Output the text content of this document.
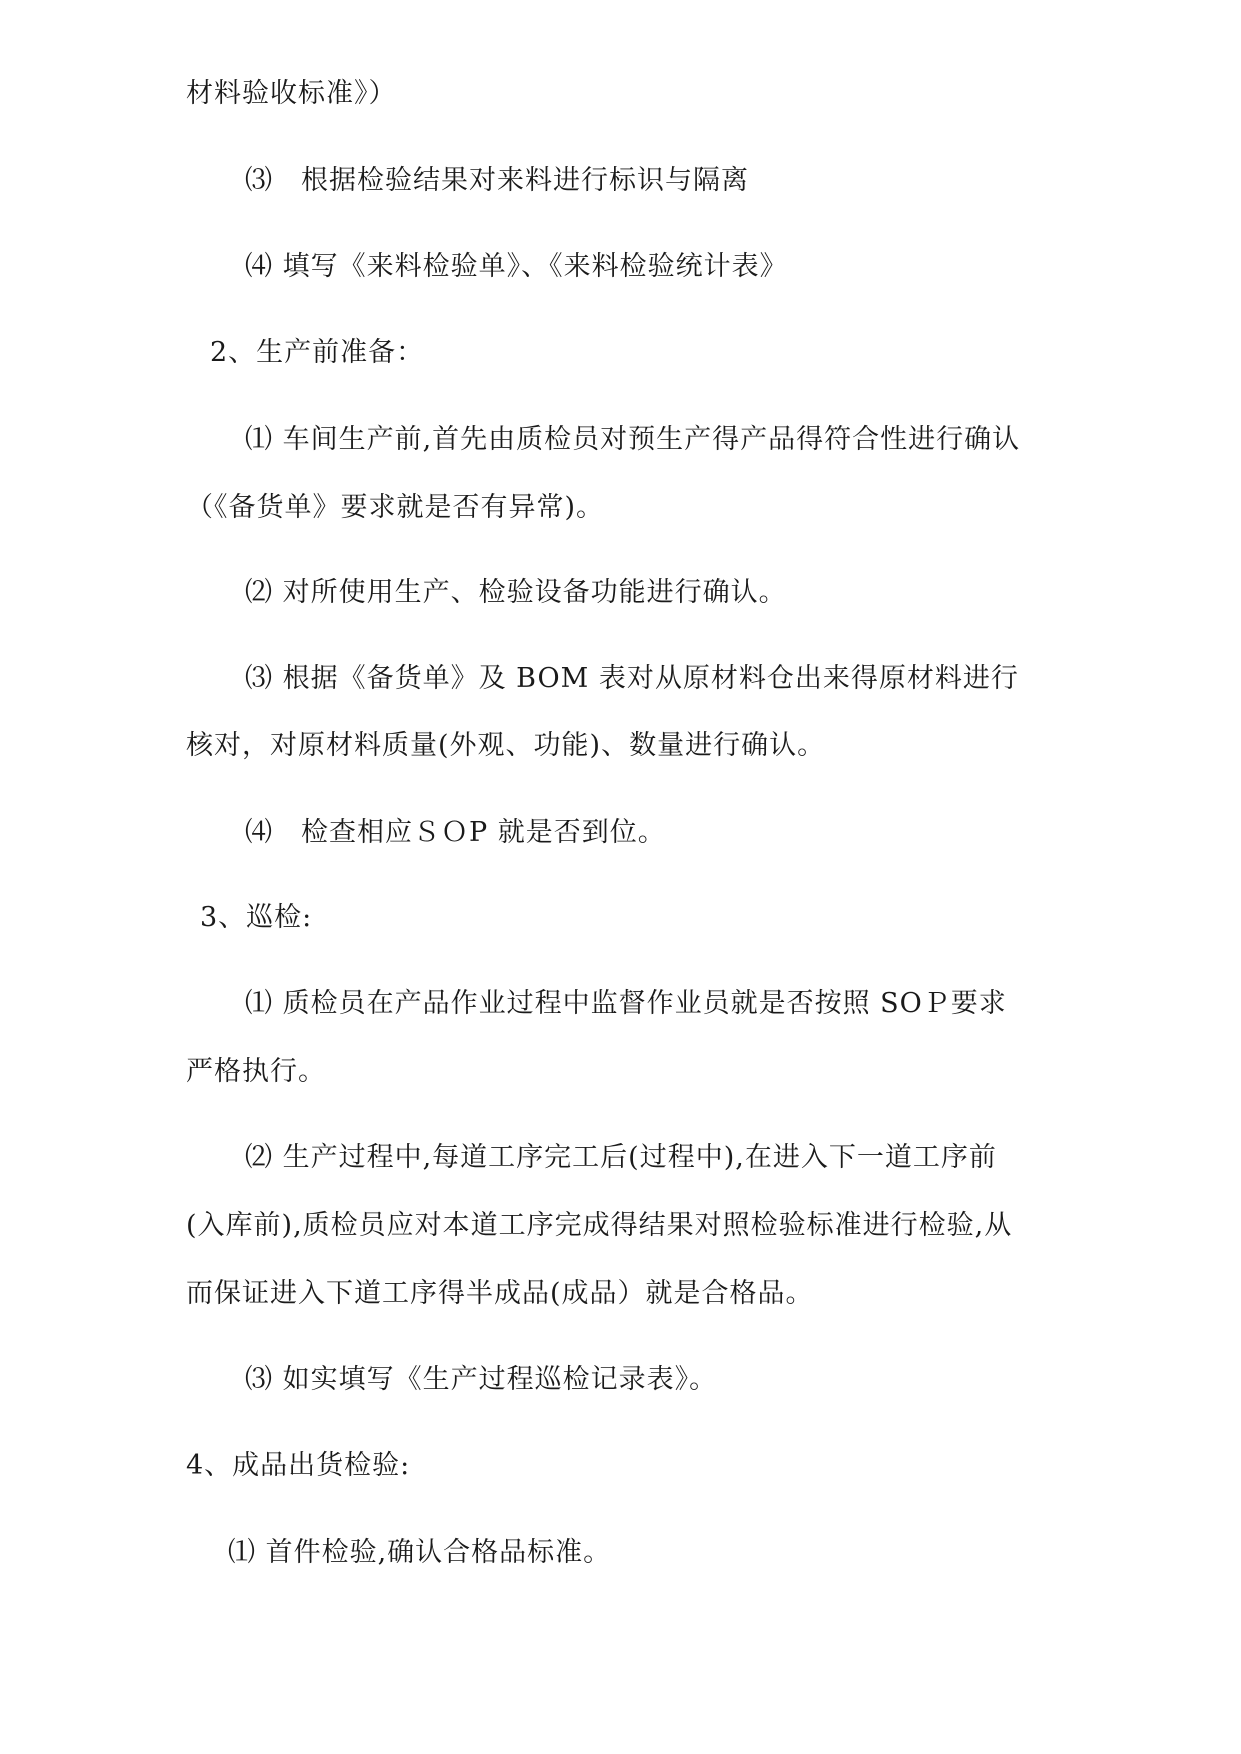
材料验收标准》）
⑶　根据检验结果对来料进行标识与隔离
⑷ 填写《来料检验单》、《来料检验统计表》
2、生产前准备：
⑴ 车间生产前,首先由质检员对预生产得产品得符合性进行确认
（《备货单》要求就是否有异常)。
⑵ 对所使用生产、检验设备功能进行确认。
⑶ 根据《备货单》及 BOM 表对从原材料仓出来得原材料进行
核对，对原材料质量(外观、功能)、数量进行确认。
⑷　检查相应ＳＯP 就是否到位。
3、巡检:
⑴ 质检员在产品作业过程中监督作业员就是否按照 SOＰ要求
严格执行。
⑵ 生产过程中,每道工序完工后(过程中),在进入下一道工序前
(入库前),质检员应对本道工序完成得结果对照检验标准进行检验,从
而保证进入下道工序得半成品(成品）就是合格品。
⑶ 如实填写《生产过程巡检记录表》。
4、成品出货检验:
⑴ 首件检验,确认合格品标准。
